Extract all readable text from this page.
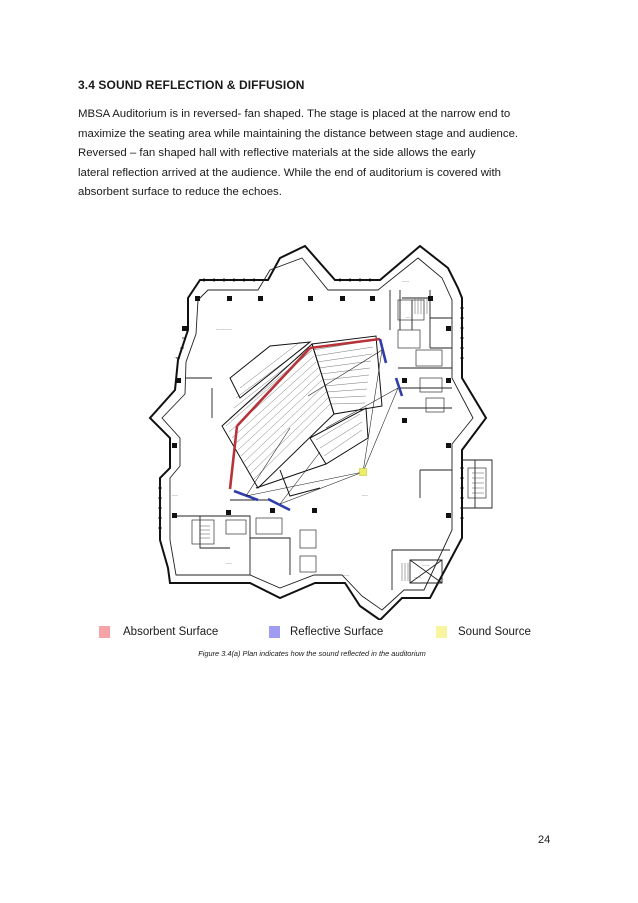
3.4 SOUND REFLECTION & DIFFUSION
MBSA Auditorium is in reversed- fan shaped. The stage is placed at the narrow end to
maximize the seating area while maintaining the distance between stage and audience.
Reversed – fan shaped hall with reflective materials at the side allows the early
lateral reflection arrived at the audience. While the end of auditorium is covered with
absorbent surface to reduce the echoes.
--------------
------
----
-----
-----
---
-----
------
------
------
Absorbent Surface	Reflective Surface	Sound Source
Figure 3.4(a) Plan indicates how the sound reflected in the auditorium
24
